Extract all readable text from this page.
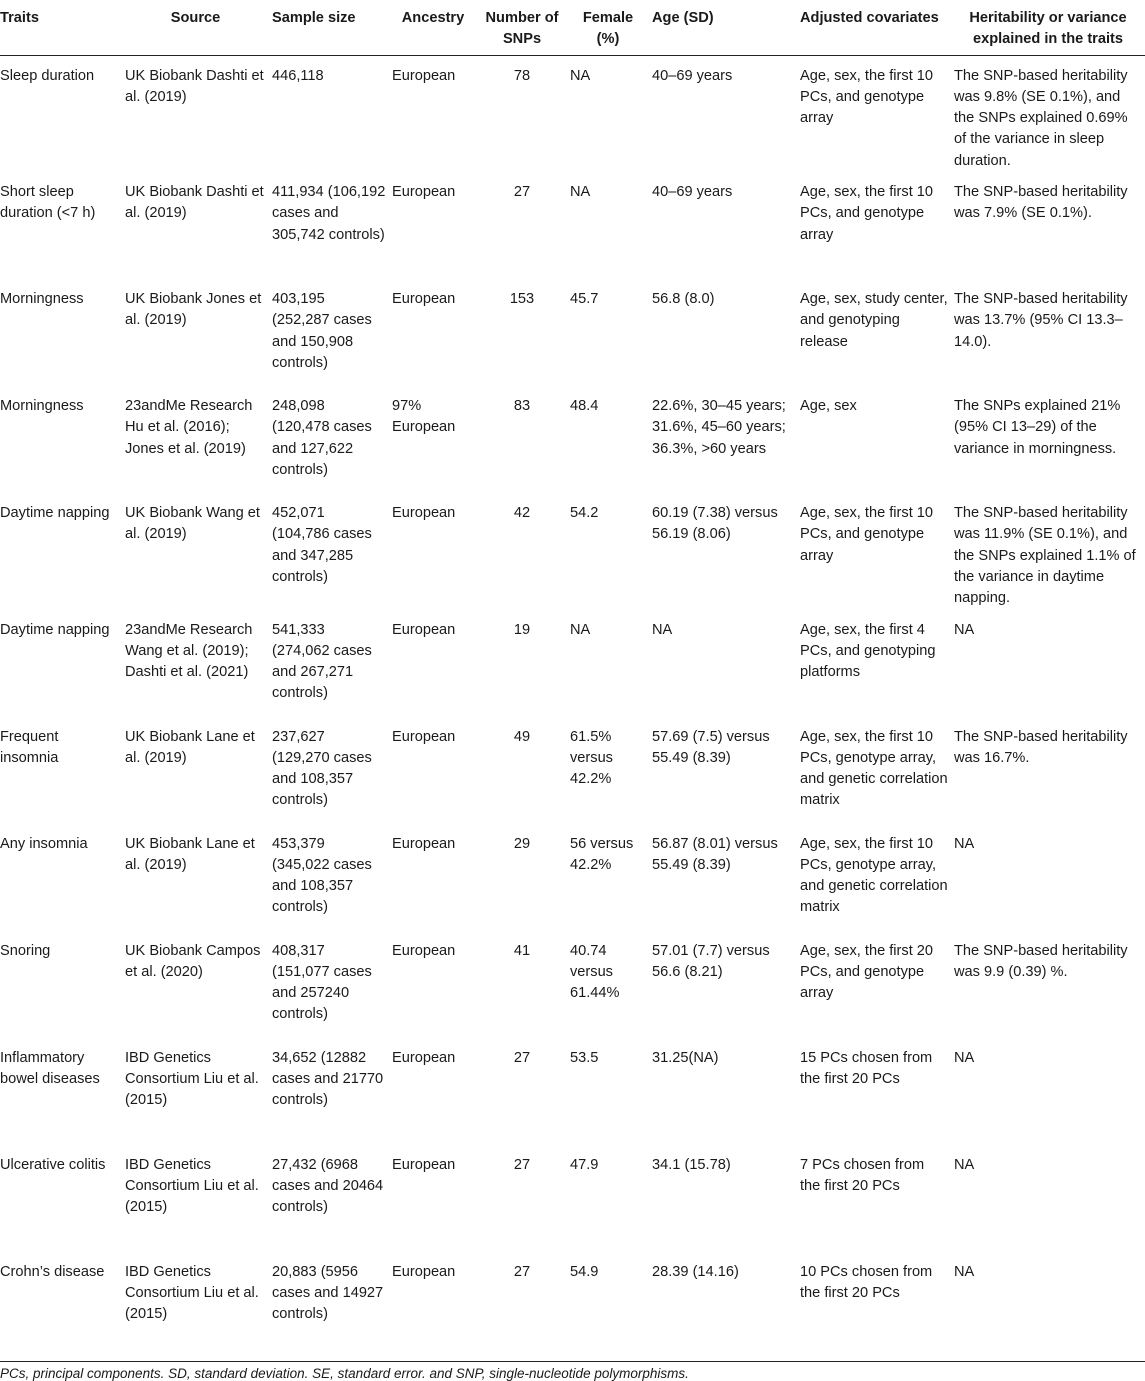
Traits	Source	Sample size	Ancestry	Number of SNPs	Female (%)	Age (SD)	Adjusted covariates	Heritability or variance explained in the traits
Sleep duration	UK Biobank Dashti et al. (2019)	446,118	European	78	NA	40–69 years	Age, sex, the first 10 PCs, and genotype array	The SNP-based heritability was 9.8% (SE 0.1%), and the SNPs explained 0.69% of the variance in sleep duration.
Short sleep duration (<7 h)	UK Biobank Dashti et al. (2019)	411,934 (106,192 cases and 305,742 controls)	European	27	NA	40–69 years	Age, sex, the first 10 PCs, and genotype array	The SNP-based heritability was 7.9% (SE 0.1%).
Morningness	UK Biobank Jones et al. (2019)	403,195 (252,287 cases and 150,908 controls)	European	153	45.7	56.8 (8.0)	Age, sex, study center, and genotyping release	The SNP-based heritability was 13.7% (95% CI 13.3–14.0).
Morningness	23andMe Research Hu et al. (2016); Jones et al. (2019)	248,098 (120,478 cases and 127,622 controls)	97% European	83	48.4	22.6%, 30–45 years; 31.6%, 45–60 years; 36.3%, >60 years	Age, sex	The SNPs explained 21% (95% CI 13–29) of the variance in morningness.
Daytime napping	UK Biobank Wang et al. (2019)	452,071 (104,786 cases and 347,285 controls)	European	42	54.2	60.19 (7.38) versus 56.19 (8.06)	Age, sex, the first 10 PCs, and genotype array	The SNP-based heritability was 11.9% (SE 0.1%), and the SNPs explained 1.1% of the variance in daytime napping.
Daytime napping	23andMe Research Wang et al. (2019); Dashti et al. (2021)	541,333 (274,062 cases and 267,271 controls)	European	19	NA	NA	Age, sex, the first 4 PCs, and genotyping platforms	NA
Frequent insomnia	UK Biobank Lane et al. (2019)	237,627 (129,270 cases and 108,357 controls)	European	49	61.5% versus 42.2%	57.69 (7.5) versus 55.49 (8.39)	Age, sex, the first 10 PCs, genotype array, and genetic correlation matrix	The SNP-based heritability was 16.7%.
Any insomnia	UK Biobank Lane et al. (2019)	453,379 (345,022 cases and 108,357 controls)	European	29	56 versus 42.2%	56.87 (8.01) versus 55.49 (8.39)	Age, sex, the first 10 PCs, genotype array, and genetic correlation matrix	NA
Snoring	UK Biobank Campos et al. (2020)	408,317 (151,077 cases and 257240 controls)	European	41	40.74 versus 61.44%	57.01 (7.7) versus 56.6 (8.21)	Age, sex, the first 20 PCs, and genotype array	The SNP-based heritability was 9.9 (0.39) %.
Inflammatory bowel diseases	IBD Genetics Consortium Liu et al. (2015)	34,652 (12882 cases and 21770 controls)	European	27	53.5	31.25(NA)	15 PCs chosen from the first 20 PCs	NA
Ulcerative colitis	IBD Genetics Consortium Liu et al. (2015)	27,432 (6968 cases and 20464 controls)	European	27	47.9	34.1 (15.78)	7 PCs chosen from the first 20 PCs	NA
Crohn’s disease	IBD Genetics Consortium Liu et al. (2015)	20,883 (5956 cases and 14927 controls)	European	27	54.9	28.39 (14.16)	10 PCs chosen from the first 20 PCs	NA

PCs, principal components. SD, standard deviation. SE, standard error. and SNP, single-nucleotide polymorphisms.
